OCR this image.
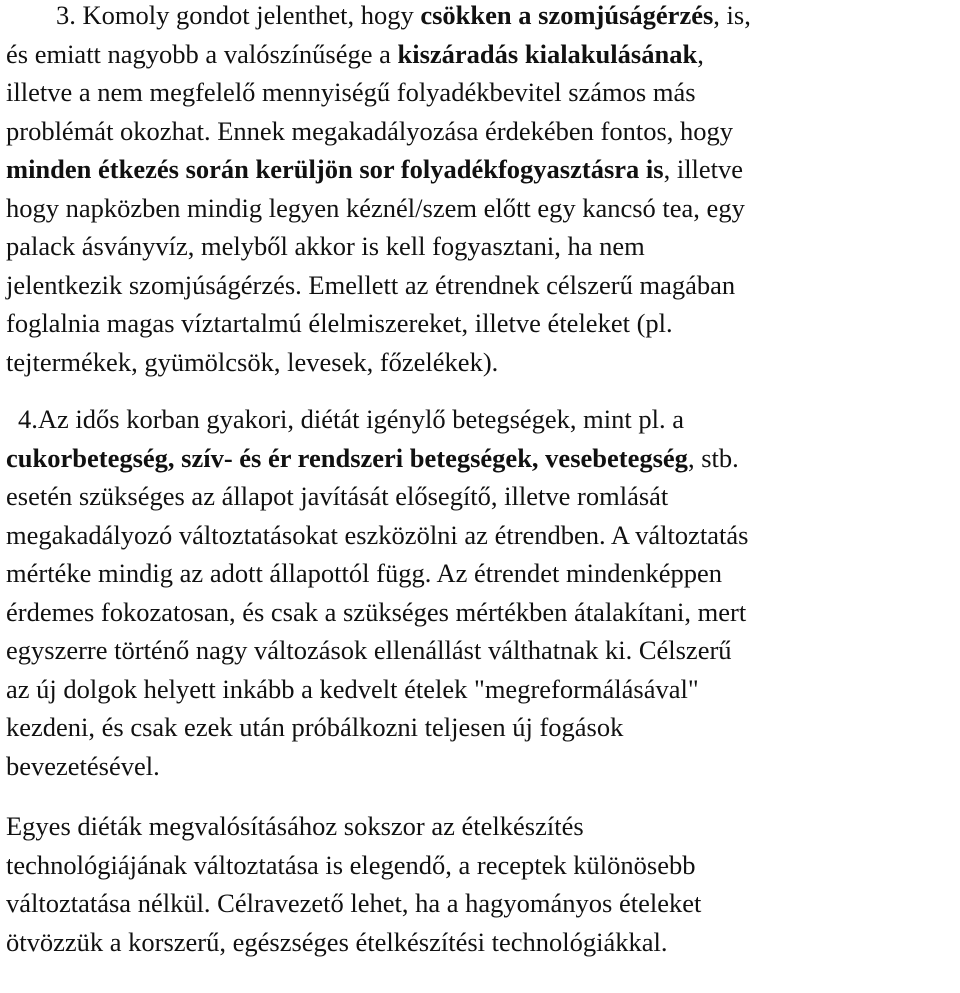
3. Komoly gondot jelenthet, hogy csökken a szomjúságérzés, is,
és emiatt nagyobb a valószínűsége a kiszáradás kialakulásának,
illetve a nem megfelelő mennyiségű folyadékbevitel számos más
problémát okozhat. Ennek megakadályozása érdekében fontos, hogy
minden étkezés során kerüljön sor folyadékfogyasztásra is, illetve
hogy napközben mindig legyen kéznél/szem előtt egy kancsó tea, egy
palack ásványvíz, melyből akkor is kell fogyasztani, ha nem
jelentkezik szomjúságérzés. Emellett az étrendnek célszerű magában
foglalnia magas víztartalmú élelmiszereket, illetve ételeket (pl.
tejtermékek, gyümölcsök, levesek, főzelékek).
4.Az idős korban gyakori, diétát igénylő betegségek, mint pl. a
cukorbetegség, szív- és ér rendszeri betegségek, vesebetegség, stb.
esetén szükséges az állapot javítását elősegítő, illetve romlását
megakadályozó változtatásokat eszközölni az étrendben. A változtatás
mértéke mindig az adott állapottól függ. Az étrendet mindenképpen
érdemes fokozatosan, és csak a szükséges mértékben átalakítani, mert
egyszerre történő nagy változások ellenállást válthatnak ki. Célszerű
az új dolgok helyett inkább a kedvelt ételek "megreformálásával"
kezdeni, és csak ezek után próbálkozni teljesen új fogások
bevezetésével.
Egyes diéták megvalósításához sokszor az ételkészítés
technológiájának változtatása is elegendő, a receptek különösebb
változtatása nélkül. Célravezető lehet, ha a hagyományos ételeket
ötvözzük a korszerű, egészséges ételkészítési technológiákkal.
